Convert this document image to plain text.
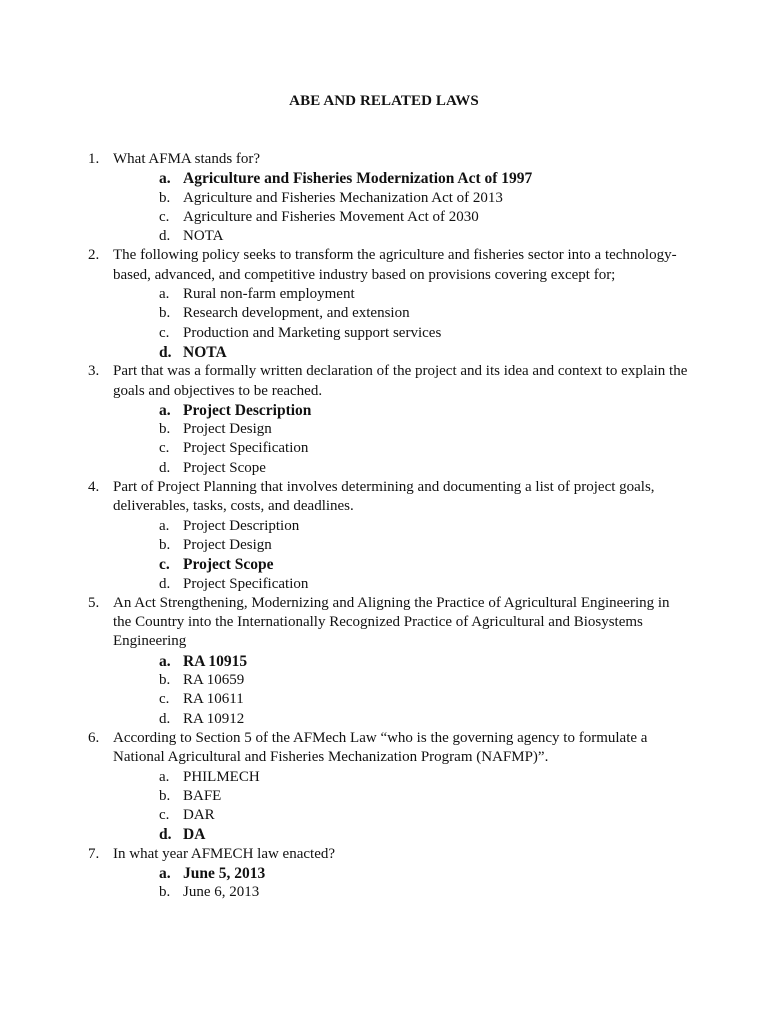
ABE AND RELATED LAWS
1. What AFMA stands for?
a. Agriculture and Fisheries Modernization Act of 1997
b. Agriculture and Fisheries Mechanization Act of 2013
c. Agriculture and Fisheries Movement Act of 2030
d. NOTA
2. The following policy seeks to transform the agriculture and fisheries sector into a technology-based, advanced, and competitive industry based on provisions covering except for;
a. Rural non-farm employment
b. Research development, and extension
c. Production and Marketing support services
d. NOTA
3. Part that was a formally written declaration of the project and its idea and context to explain the goals and objectives to be reached.
a. Project Description
b. Project Design
c. Project Specification
d. Project Scope
4. Part of Project Planning that involves determining and documenting a list of project goals, deliverables, tasks, costs, and deadlines.
a. Project Description
b. Project Design
c. Project Scope
d. Project Specification
5. An Act Strengthening, Modernizing and Aligning the Practice of Agricultural Engineering in the Country into the Internationally Recognized Practice of Agricultural and Biosystems Engineering
a. RA 10915
b. RA 10659
c. RA 10611
d. RA 10912
6. According to Section 5 of the AFMech Law “who is the governing agency to formulate a National Agricultural and Fisheries Mechanization Program (NAFMP)”.
a. PHILMECH
b. BAFE
c. DAR
d. DA
7. In what year AFMECH law enacted?
a. June 5, 2013
b. June 6, 2013
